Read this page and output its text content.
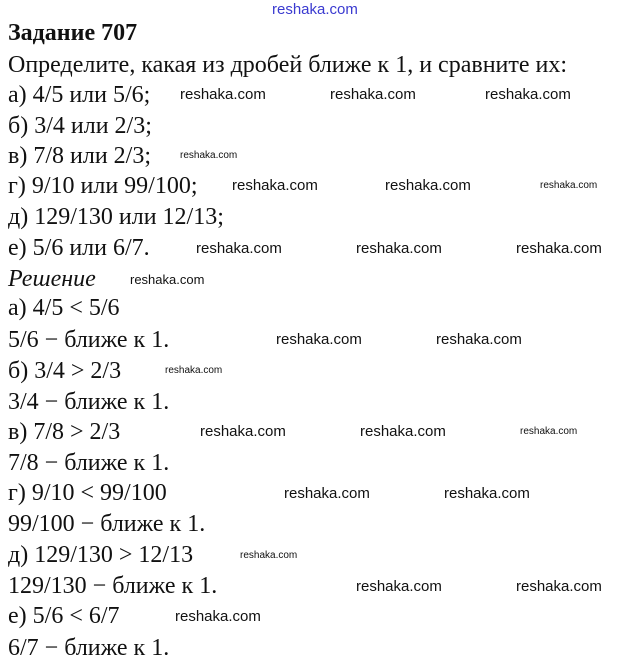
reshaka.com
Задание 707
Определите, какая из дробей ближе к 1, и сравните их:
а) 4/5 или 5/6;
б) 3/4 или 2/3;
в) 7/8 или 2/3;
г) 9/10 или 99/100;
д) 129/130 или 12/13;
е) 5/6 или 6/7.
Решение
а) 4/5 < 5/6
5/6 − ближе к 1.
б) 3/4 > 2/3
3/4 − ближе к 1.
в) 7/8 > 2/3
7/8 − ближе к 1.
г) 9/10 < 99/100
99/100 − ближе к 1.
д) 129/130 > 12/13
129/130 − ближе к 1.
е) 5/6 < 6/7
6/7 − ближе к 1.
reshaka.com	reshaka.com	reshaka.com
reshaka.com
reshaka.com	reshaka.com	reshaka.com
reshaka.com
reshaka.com	reshaka.com	reshaka.com
reshaka.com	reshaka.com
reshaka.com
reshaka.com	reshaka.com	reshaka.com
reshaka.com	reshaka.com
reshaka.com
reshaka.com
reshaka.com	reshaka.com
